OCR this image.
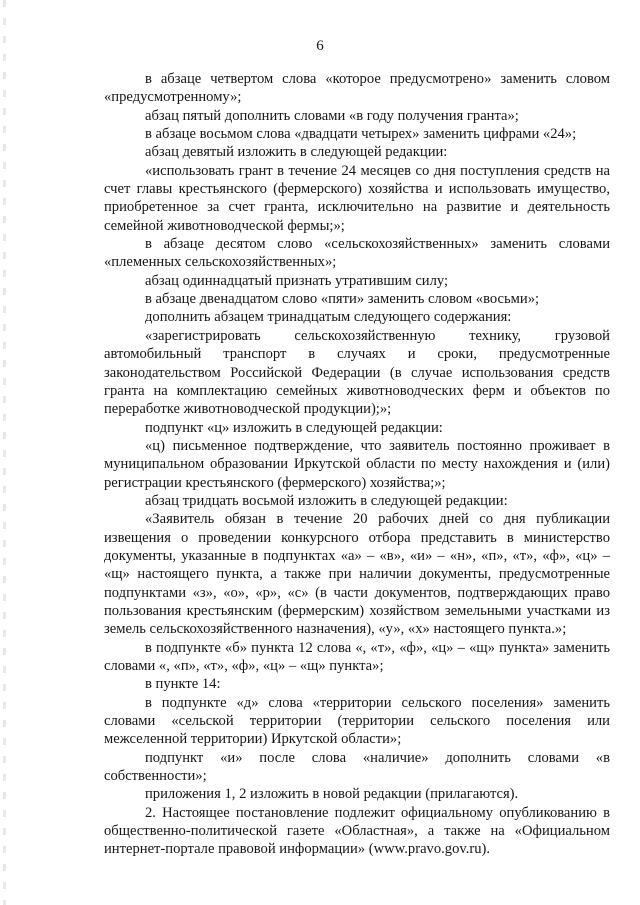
6

в абзаце четвертом слова «которое предусмотрено» заменить словом «предусмотренному»;

абзац пятый дополнить словами «в году получения гранта»;

в абзаце восьмом слова «двадцати четырех» заменить цифрами «24»;

абзац девятый изложить в следующей редакции:

«использовать грант в течение 24 месяцев со дня поступления средств на счет главы крестьянского (фермерского) хозяйства и использовать имущество, приобретенное за счет гранта, исключительно на развитие и деятельность семейной животноводческой фермы;»;

в абзаце десятом слово «сельскохозяйственных» заменить словами «племенных сельскохозяйственных»;

абзац одиннадцатый признать утратившим силу;

в абзаце двенадцатом слово «пяти» заменить словом «восьми»;

дополнить абзацем тринадцатым следующего содержания:

«зарегистрировать сельскохозяйственную технику, грузовой автомобильный транспорт в случаях и сроки, предусмотренные законодательством Российской Федерации (в случае использования средств гранта на комплектацию семейных животноводческих ферм и объектов по переработке животноводческой продукции);»;

подпункт «ц» изложить в следующей редакции:

«ц) письменное подтверждение, что заявитель постоянно проживает в муниципальном образовании Иркутской области по месту нахождения и (или) регистрации крестьянского (фермерского) хозяйства;»;

абзац тридцать восьмой изложить в следующей редакции:

«Заявитель обязан в течение 20 рабочих дней со дня публикации извещения о проведении конкурсного отбора представить в министерство документы, указанные в подпунктах «а» – «в», «и» – «н», «п», «т», «ф», «ц» – «щ» настоящего пункта, а также при наличии документы, предусмотренные подпунктами «з», «о», «р», «с» (в части документов, подтверждающих право пользования крестьянским (фермерским) хозяйством земельными участками из земель сельскохозяйственного назначения), «у», «х» настоящего пункта.»;

в подпункте «б» пункта 12 слова «, «т», «ф», «ц» – «щ» пункта» заменить словами «, «п», «т», «ф», «ц» – «щ» пункта»;

в пункте 14:

в подпункте «д» слова «территории сельского поселения» заменить словами «сельской территории (территории сельского поселения или межселенной территории) Иркутской области»;

подпункт «и» после слова «наличие» дополнить словами «в собственности»;

приложения 1, 2 изложить в новой редакции (прилагаются).

2. Настоящее постановление подлежит официальному опубликованию в общественно-политической газете «Областная», а также на «Официальном интернет-портале правовой информации» (www.pravo.gov.ru).
